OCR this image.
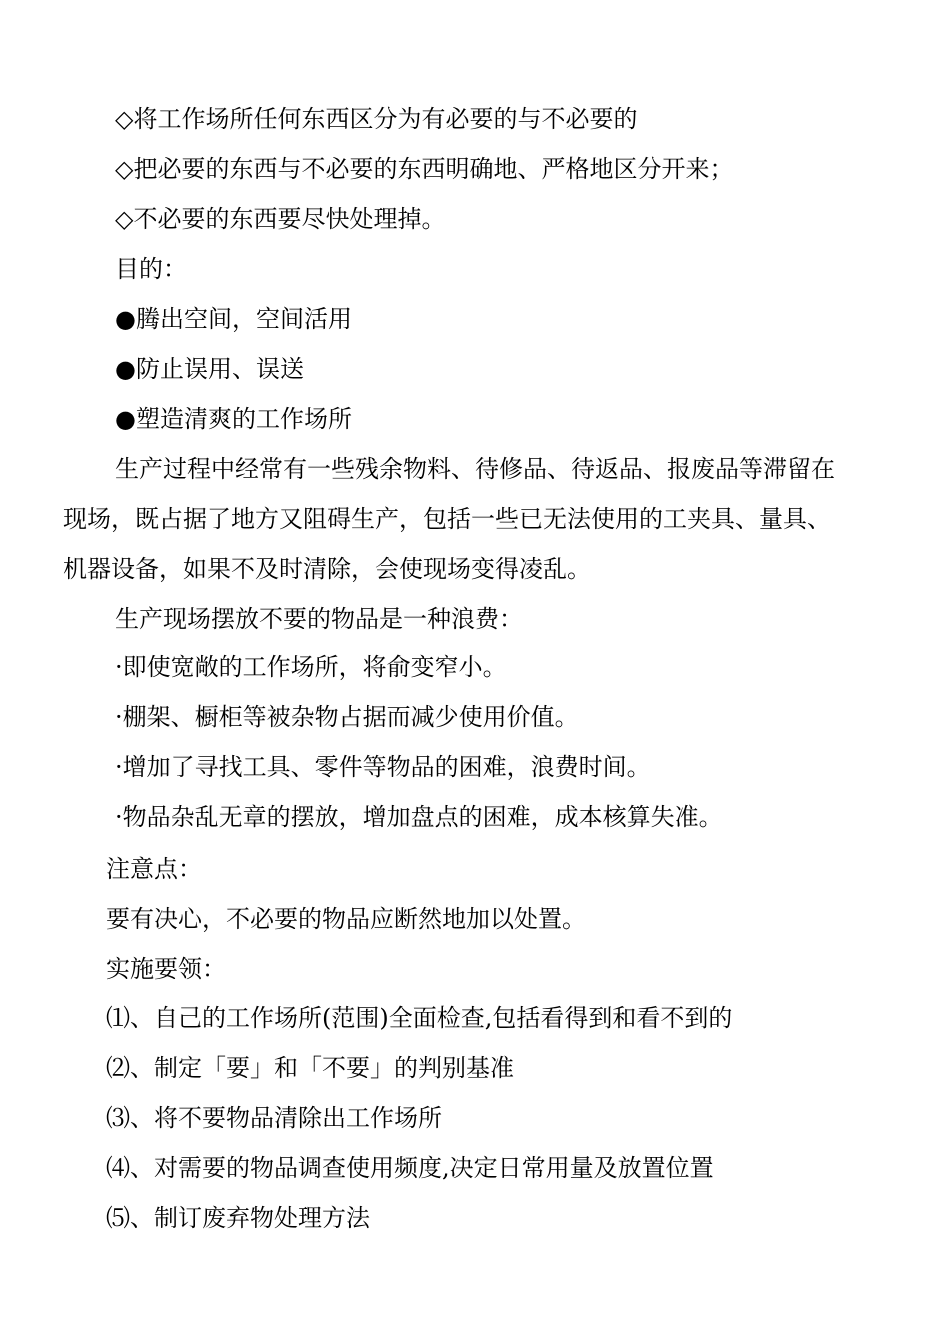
◇将工作场所任何东西区分为有必要的与不必要的
◇把必要的东西与不必要的东西明确地、严格地区分开来；
◇不必要的东西要尽快处理掉。
目的：
●腾出空间，空间活用
●防止误用、误送
●塑造清爽的工作场所
生产过程中经常有一些残余物料、待修品、待返品、报废品等滞留在
现场，既占据了地方又阻碍生产，包括一些已无法使用的工夹具、量具、
机器设备，如果不及时清除，会使现场变得凌乱。
生产现场摆放不要的物品是一种浪费：
·即使宽敞的工作场所，将俞变窄小。
·棚架、橱柜等被杂物占据而减少使用价值。
·增加了寻找工具、零件等物品的困难，浪费时间。
·物品杂乱无章的摆放，增加盘点的困难，成本核算失准。
注意点：
要有决心，不必要的物品应断然地加以处置。
实施要领：
⑴、自己的工作场所(范围)全面检查,包括看得到和看不到的
⑵、制定「要」和「不要」的判别基准
⑶、将不要物品清除出工作场所
⑷、对需要的物品调查使用频度,决定日常用量及放置位置
⑸、制订废弃物处理方法
